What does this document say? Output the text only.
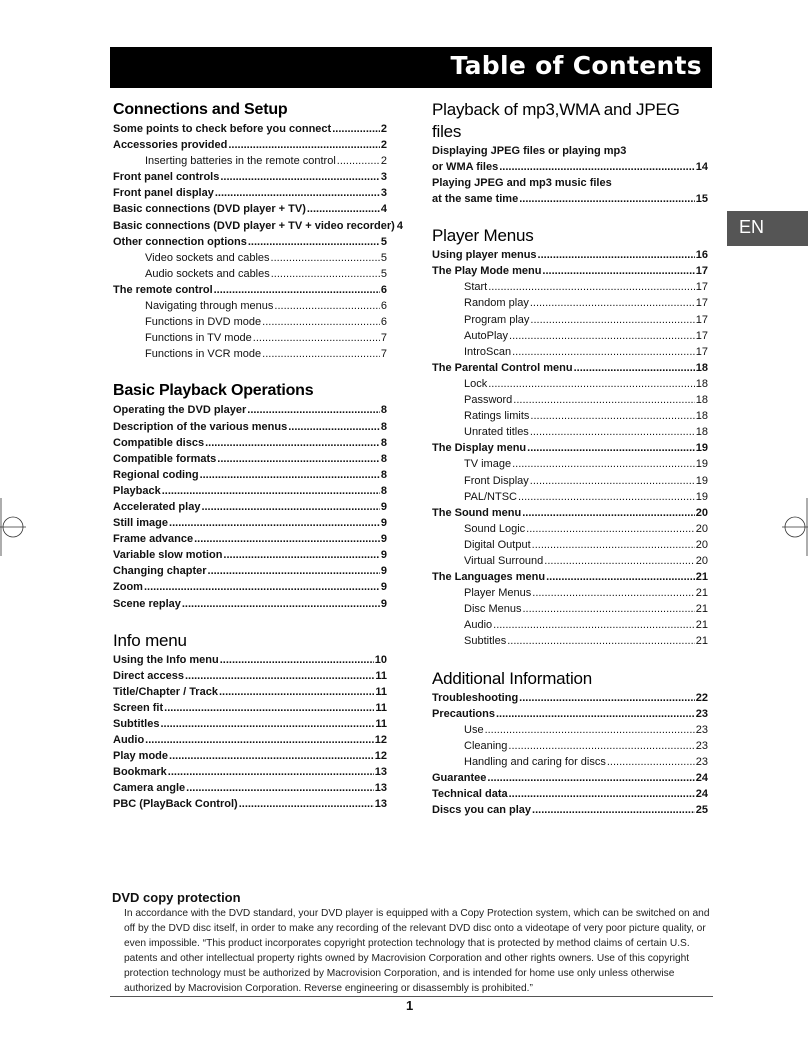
Table of Contents
Connections and Setup
Some points to check before you connect .....	2
Accessories provided .....	2
Inserting batteries in the remote control .....	2
Front panel controls .....	3
Front panel display .....	3
Basic connections (DVD player + TV) .....	4
Basic connections (DVD player + TV + video recorder) 4
Other connection options .....	5
Video sockets and cables .....	5
Audio sockets and cables .....	5
The remote control .....	6
Navigating through menus .....	6
Functions in DVD mode .....	6
Functions in TV mode .....	7
Functions in VCR mode .....	7
Basic Playback Operations
Operating the DVD player .....	8
Description of the various menus .....	8
Compatible discs .....	8
Compatible formats .....	8
Regional coding .....	8
Playback .....	8
Accelerated play .....	9
Still image .....	9
Frame advance .....	9
Variable slow motion .....	9
Changing chapter .....	9
Zoom .....	9
Scene replay .....	9
Info menu
Using the Info menu .....	10
Direct access .....	11
Title/Chapter / Track .....	11
Screen fit .....	11
Subtitles .....	11
Audio .....	12
Play mode .....	12
Bookmark .....	13
Camera angle .....	13
PBC (PlayBack Control) .....	13
Playback of mp3,WMA and JPEG files
Displaying JPEG files or playing mp3
or WMA files .....	14
Playing JPEG and mp3 music files
at the same time .....	15
Player Menus
Using player menus .....	16
The Play Mode menu .....	17
Start .....	17
Random play .....	17
Program play .....	17
AutoPlay .....	17
IntroScan .....	17
The Parental Control menu .....	18
Lock .....	18
Password .....	18
Ratings limits .....	18
Unrated titles .....	18
The Display menu .....	19
TV image .....	19
Front Display .....	19
PAL/NTSC .....	19
The Sound menu .....	20
Sound Logic .....	20
Digital Output .....	20
Virtual Surround .....	20
The Languages menu .....	21
Player Menus .....	21
Disc Menus .....	21
Audio .....	21
Subtitles .....	21
Additional Information
Troubleshooting .....	22
Precautions .....	23
Use .....	23
Cleaning .....	23
Handling and caring for discs .....	23
Guarantee .....	24
Technical data .....	24
Discs you can play .....	25
EN
DVD copy protection
In accordance with the DVD standard, your DVD player is equipped with a Copy Protection system, which can be switched on and off by the DVD disc itself, in order to make any recording of the relevant DVD disc onto a videotape of very poor picture quality, or even impossible. “This product incorporates copyright protection technology that is protected by method claims of certain U.S. patents and other intellectual property rights owned by Macrovision Corporation and other rights owners. Use of this copyright protection technology must be authorized by Macrovision Corporation, and is intended for home use only unless otherwise authorized by Macrovision Corporation. Reverse engineering or disassembly is prohibited.”
1
